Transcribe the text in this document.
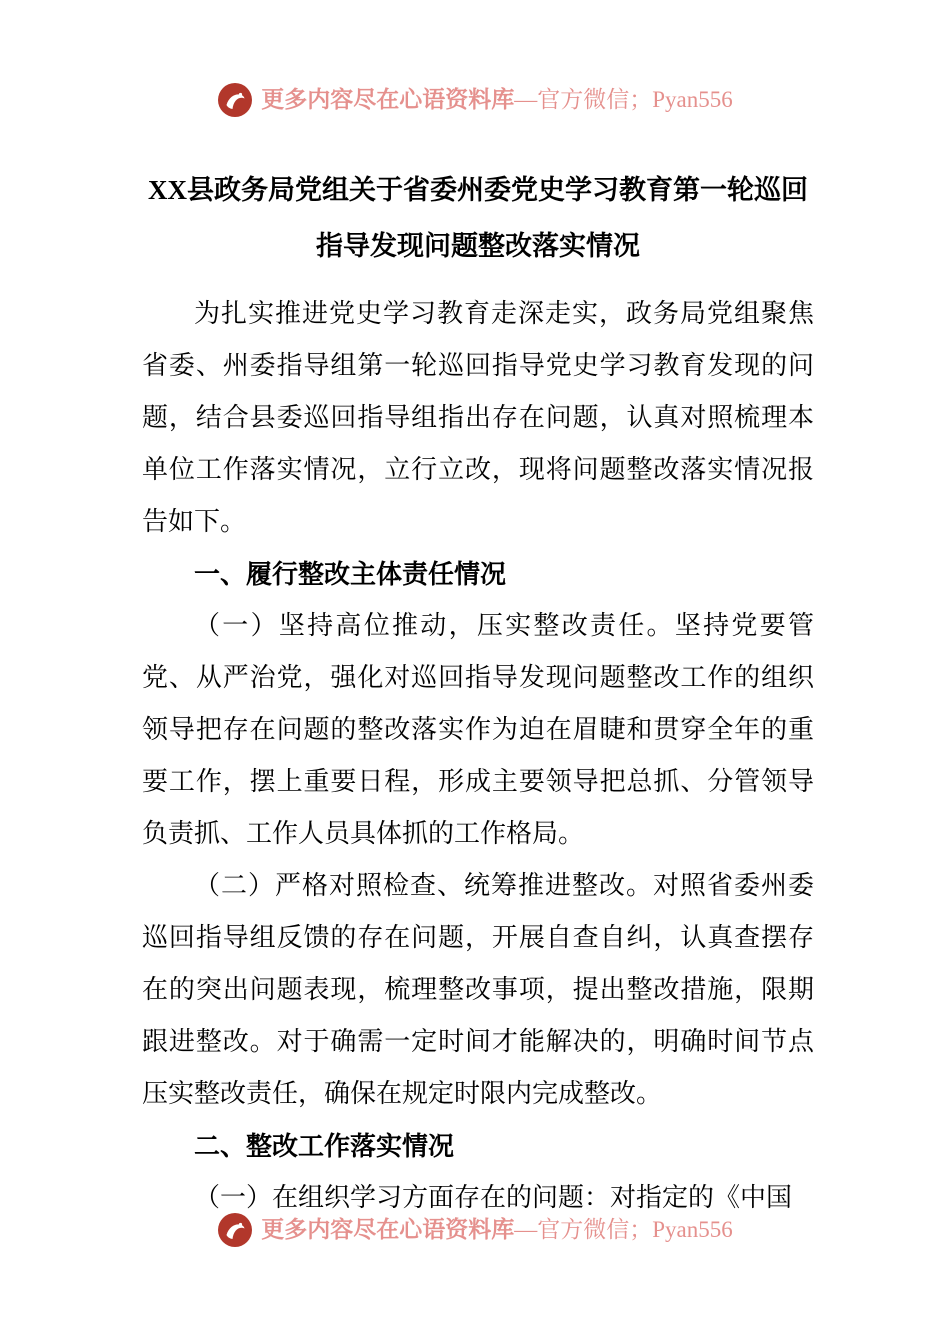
更多内容尽在心语资料库—官方微信；Pyan556
XX县政务局党组关于省委州委党史学习教育第一轮巡回指导发现问题整改落实情况

为扎实推进党史学习教育走深走实，政务局党组聚焦省委、州委指导组第一轮巡回指导党史学习教育发现的问题，结合县委巡回指导组指出存在问题，认真对照梳理本单位工作落实情况，立行立改，现将问题整改落实情况报告如下。

一、履行整改主体责任情况

（一）坚持高位推动，压实整改责任。坚持党要管党、从严治党，强化对巡回指导发现问题整改工作的组织领导把存在问题的整改落实作为迫在眉睫和贯穿全年的重要工作，摆上重要日程，形成主要领导把总抓、分管领导负责抓、工作人员具体抓的工作格局。

（二）严格对照检查、统筹推进整改。对照省委州委巡回指导组反馈的存在问题，开展自查自纠，认真查摆存在的突出问题表现，梳理整改事项，提出整改措施，限期跟进整改。对于确需一定时间才能解决的，明确时间节点压实整改责任，确保在规定时限内完成整改。

二、整改工作落实情况

（一）在组织学习方面存在的问题：对指定的《中国

更多内容尽在心语资料库—官方微信；Pyan556
